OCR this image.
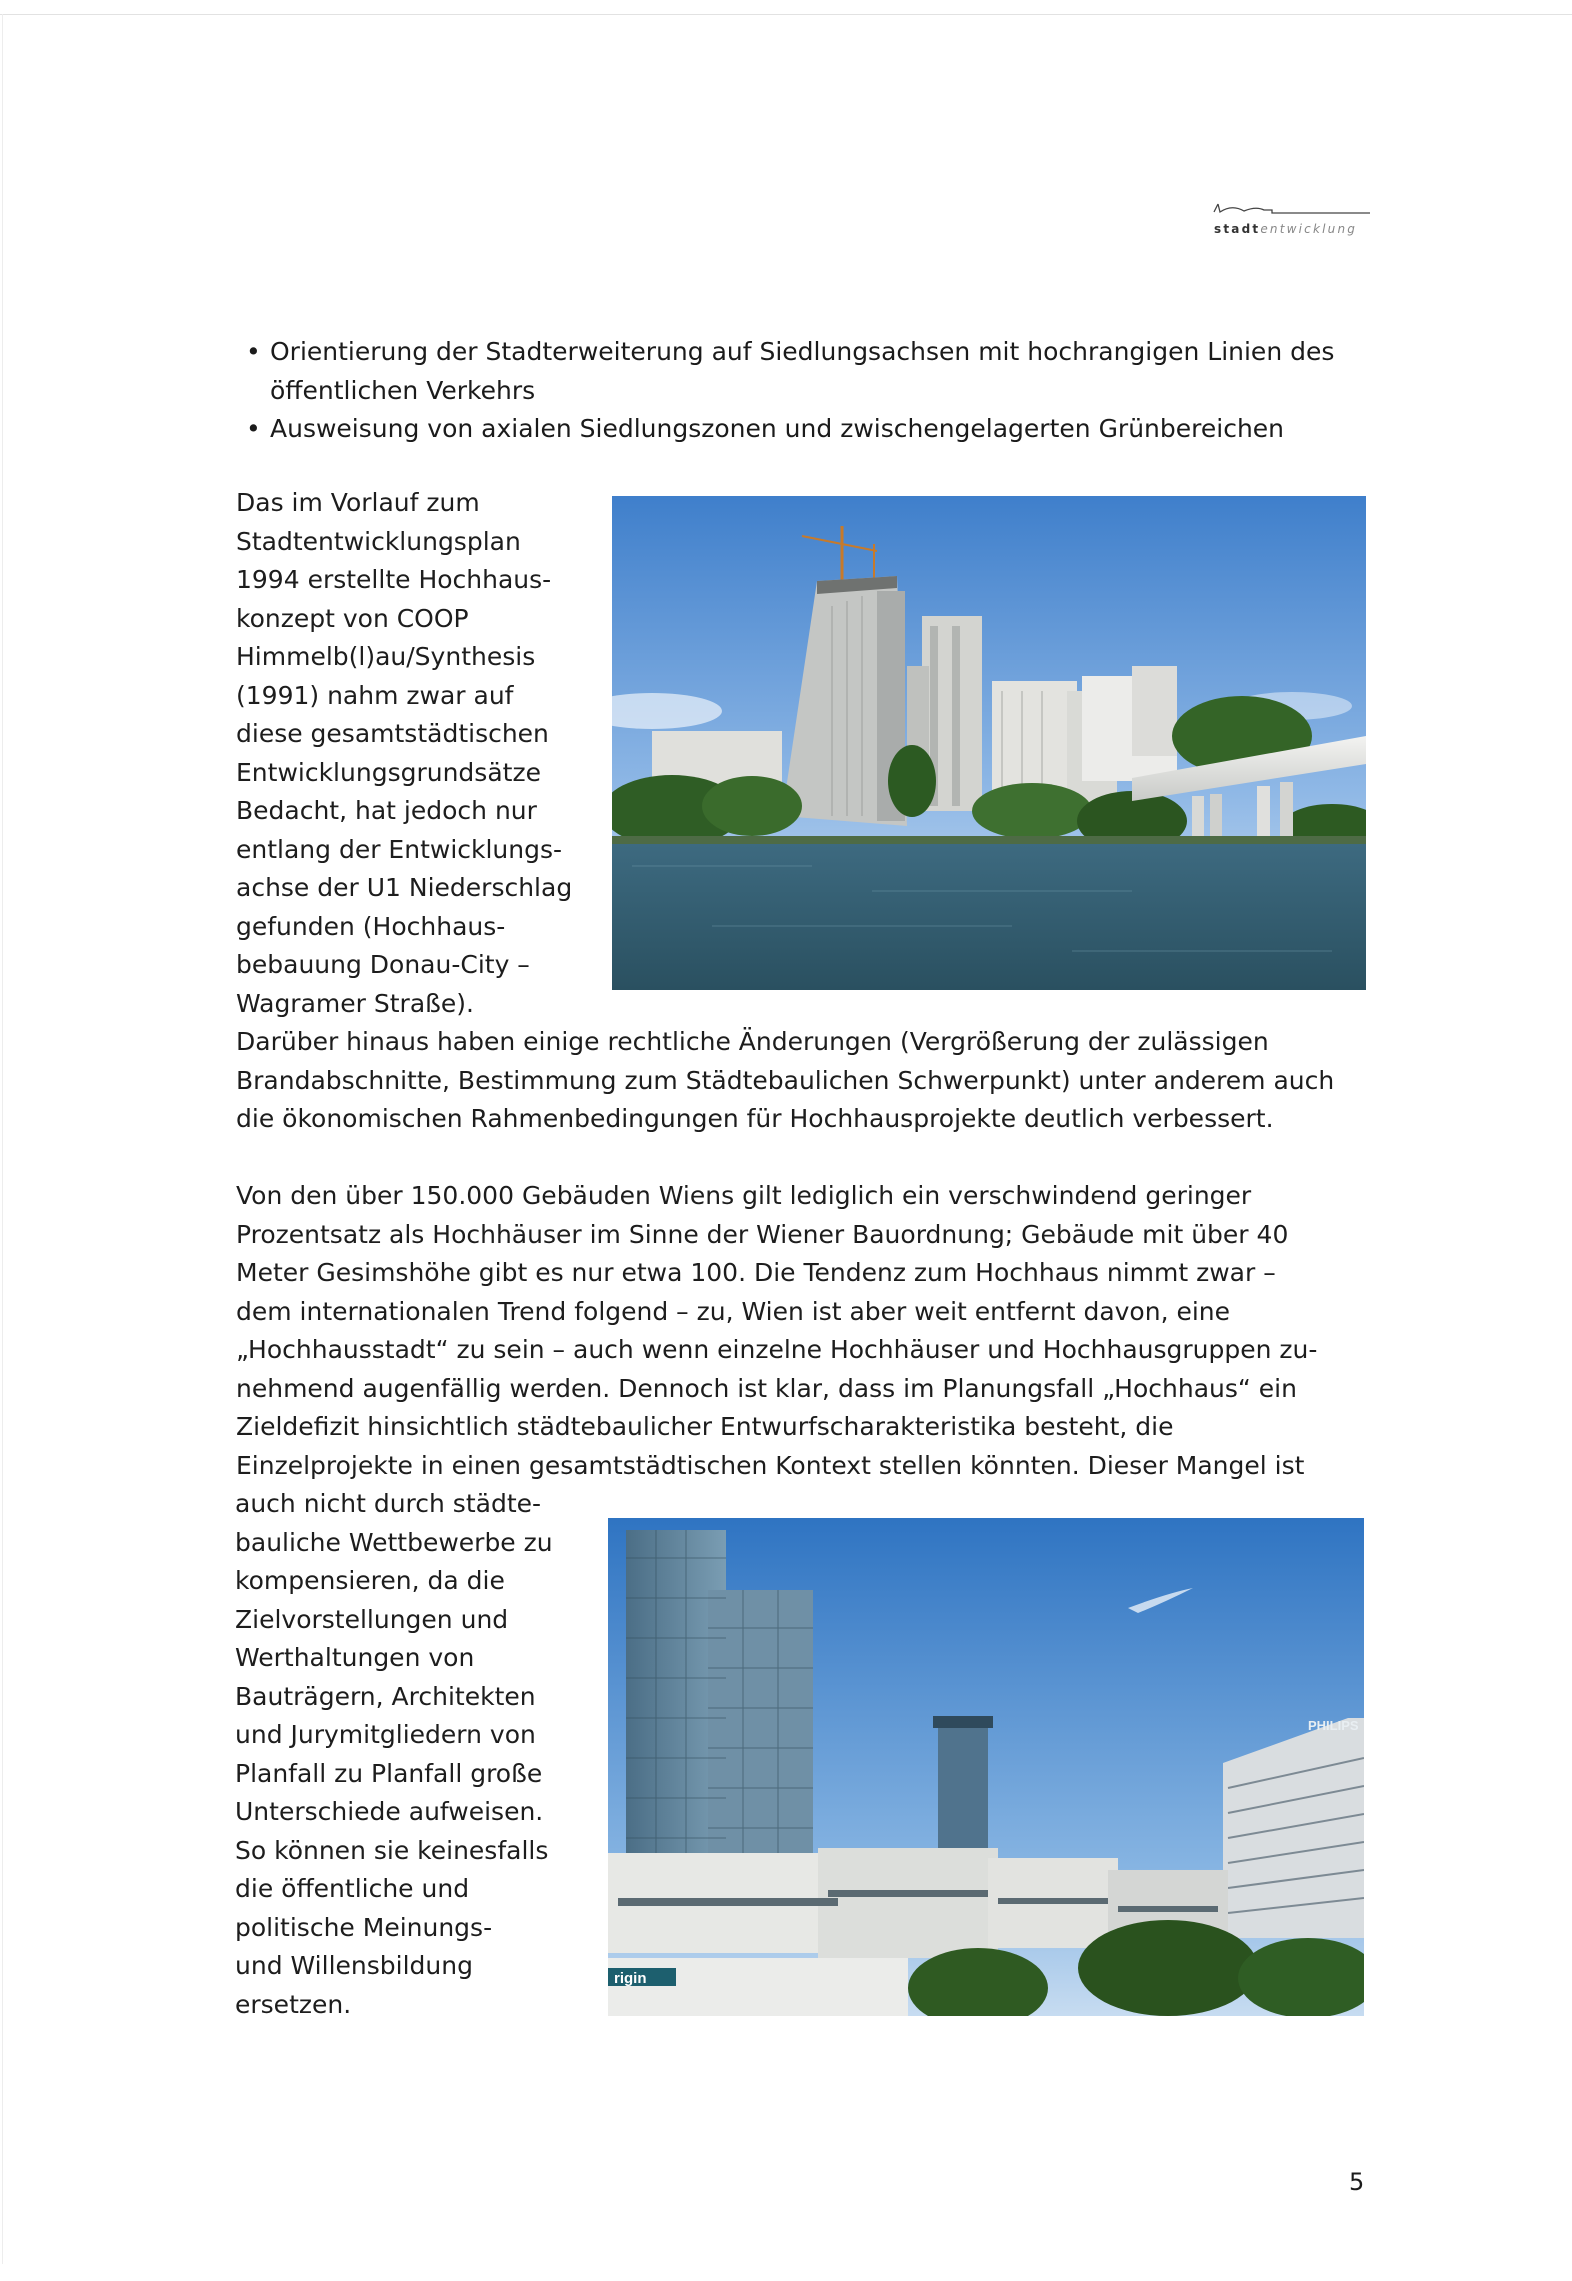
stadtentwicklung
• Orientierung der Stadterweiterung auf Siedlungsachsen mit hochrangigen Linien des öffentlichen Verkehrs
• Ausweisung von axialen Siedlungszonen und zwischengelagerten Grünbereichen
Das im Vorlauf zum
Stadtentwicklungsplan
1994 erstellte Hochhaus-
konzept von COOP
Himmelb(l)au/Synthesis
(1991) nahm zwar auf
diese gesamtstädtischen
Entwicklungsgrundsätze
Bedacht, hat jedoch nur
entlang der Entwicklungs-
achse der U1 Niederschlag
gefunden (Hochhaus-
bebauung Donau-City –
Wagramer Straße).
Darüber hinaus haben einige rechtliche Änderungen (Vergrößerung der zulässigen
Brandabschnitte, Bestimmung zum Städtebaulichen Schwerpunkt) unter anderem auch
die ökonomischen Rahmenbedingungen für Hochhausprojekte deutlich verbessert.
Von den über 150.000 Gebäuden Wiens gilt lediglich ein verschwindend geringer
Prozentsatz als Hochhäuser im Sinne der Wiener Bauordnung; Gebäude mit über 40
Meter Gesimshöhe gibt es nur etwa 100. Die Tendenz zum Hochhaus nimmt zwar –
dem internationalen Trend folgend – zu, Wien ist aber weit entfernt davon, eine
„Hochhausstadt“ zu sein – auch wenn einzelne Hochhäuser und Hochhausgruppen zu-
nehmend augenfällig werden. Dennoch ist klar, dass im Planungsfall „Hochhaus“ ein
Zieldefizit hinsichtlich städtebaulicher Entwurfscharakteristika besteht, die
Einzelprojekte in einen gesamtstädtischen Kontext stellen könnten. Dieser Mangel ist
auch nicht durch städte-
bauliche Wettbewerbe zu
kompensieren, da die
Zielvorstellungen und
Werthaltungen von
Bauträgern, Architekten
und Jurymitgliedern von
Planfall zu Planfall große
Unterschiede aufweisen.
So können sie keinesfalls
die öffentliche und
politische Meinungs-
und Willensbildung
ersetzen.
PHILIPS
rigin
5
